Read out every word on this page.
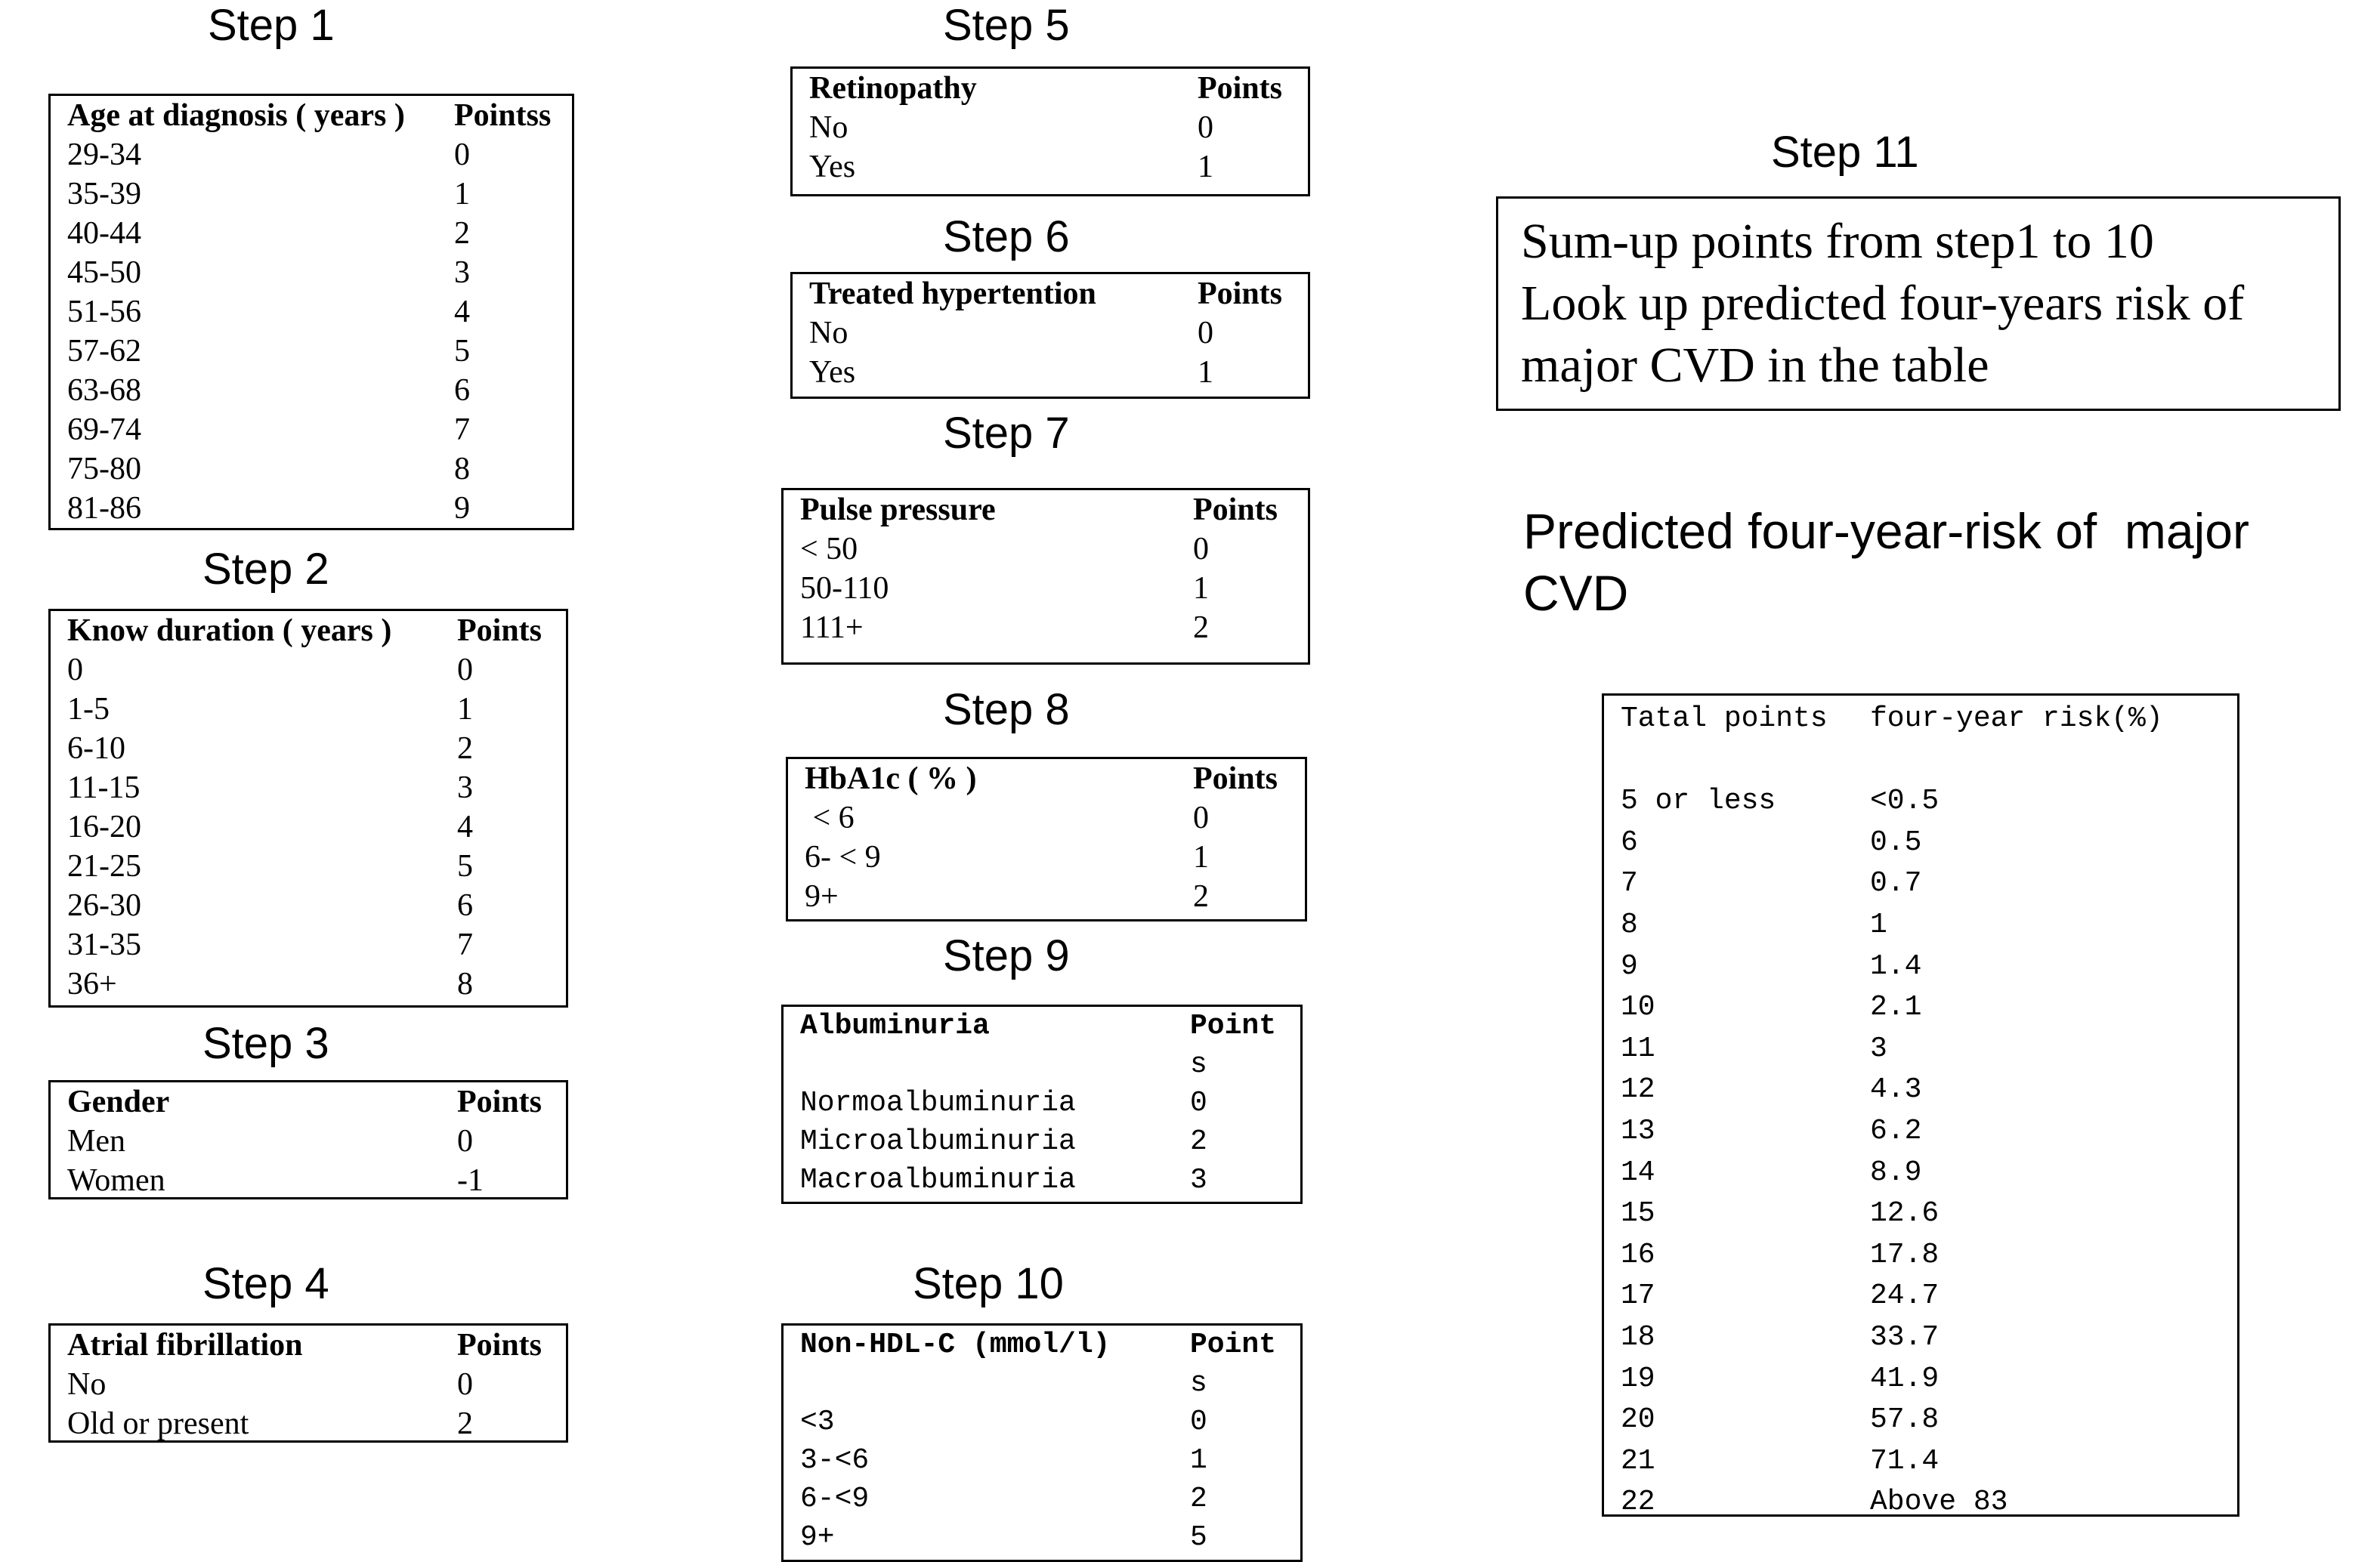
Step 1
Age at diagnosis ( years )	Pointss
29-34	0
35-39	1
40-44	2
45-50	3
51-56	4
57-62	5
63-68	6
69-74	7
75-80	8
81-86	9
Step 2
Know duration ( years )	Points
0	0
1-5	1
6-10	2
11-15	3
16-20	4
21-25	5
26-30	6
31-35	7
36+	8
Step 3
Gender	Points
Men	0
Women	-1
Step 4
Atrial fibrillation	Points
No	0
Old or present	2
Step 5
Retinopathy	Points
No	0
Yes	1
Step 6
Treated hypertention	Points
No	0
Yes	1
Step 7
Pulse pressure	Points
< 50	0
50-110	1
111+	2
Step 8
HbA1c ( % )	Points
< 6	0
6- < 9	1
9+	2
Step 9
Albuminuria	Point
	s
Normoalbuminuria	0
Microalbuminuria	2
Macroalbuminuria	3
Step 10
Non-HDL-C (mmol/l)	Point
	s
<3	0
3-<6	1
6-<9	2
9+	5
Step 11
Sum-up points from step1 to 10
Look up predicted four-years risk of
major CVD in the table
Predicted four-year-risk of  major
CVD
Tatal points	four-year risk(%)

5 or less	<0.5
6	0.5
7	0.7
8	1
9	1.4
10	2.1
11	3
12	4.3
13	6.2
14	8.9
15	12.6
16	17.8
17	24.7
18	33.7
19	41.9
20	57.8
21	71.4
22	Above 83
